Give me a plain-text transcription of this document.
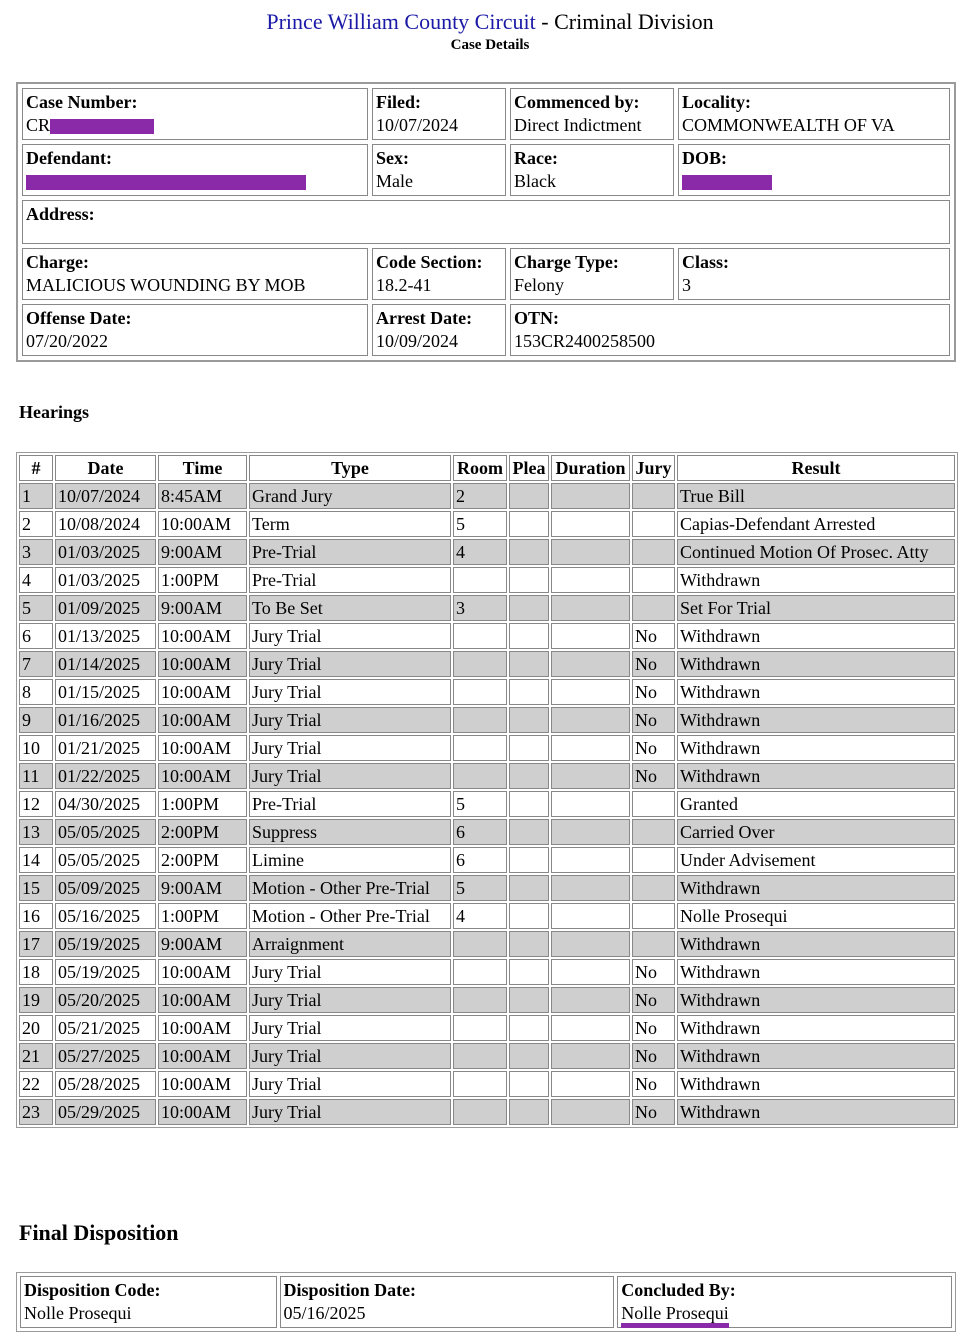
Prince William County Circuit - Criminal Division
Case Details
Case Number:
CR	Filed:
10/07/2024	Commenced by:
Direct Indictment	Locality:
COMMONWEALTH OF VA

Defendant:	Sex:
Male	Race:
Black	DOB:

Address:			

Charge:
MALICIOUS WOUNDING BY MOB	Code Section:
18.2-41	Charge Type:
Felony	Class:
3

Offense Date:
07/20/2022	Arrest Date:
10/09/2024	OTN:
153CR2400258500	
Hearings
#	Date	Time	Type	Room	Plea	Duration	Jury	Result
1	10/07/2024	8:45AM	Grand Jury	2				True Bill
2	10/08/2024	10:00AM	Term	5				Capias-Defendant Arrested
3	01/03/2025	9:00AM	Pre-Trial	4				Continued Motion Of Prosec. Atty
4	01/03/2025	1:00PM	Pre-Trial					Withdrawn
5	01/09/2025	9:00AM	To Be Set	3				Set For Trial
6	01/13/2025	10:00AM	Jury Trial				No	Withdrawn
7	01/14/2025	10:00AM	Jury Trial				No	Withdrawn
8	01/15/2025	10:00AM	Jury Trial				No	Withdrawn
9	01/16/2025	10:00AM	Jury Trial				No	Withdrawn
10	01/21/2025	10:00AM	Jury Trial				No	Withdrawn
11	01/22/2025	10:00AM	Jury Trial				No	Withdrawn
12	04/30/2025	1:00PM	Pre-Trial	5				Granted
13	05/05/2025	2:00PM	Suppress	6				Carried Over
14	05/05/2025	2:00PM	Limine	6				Under Advisement
15	05/09/2025	9:00AM	Motion - Other Pre-Trial	5				Withdrawn
16	05/16/2025	1:00PM	Motion - Other Pre-Trial	4				Nolle Prosequi
17	05/19/2025	9:00AM	Arraignment					Withdrawn
18	05/19/2025	10:00AM	Jury Trial				No	Withdrawn
19	05/20/2025	10:00AM	Jury Trial				No	Withdrawn
20	05/21/2025	10:00AM	Jury Trial				No	Withdrawn
21	05/27/2025	10:00AM	Jury Trial				No	Withdrawn
22	05/28/2025	10:00AM	Jury Trial				No	Withdrawn
23	05/29/2025	10:00AM	Jury Trial				No	Withdrawn
Final Disposition
Disposition Code:
Nolle Prosequi	
Disposition Date:
05/16/2025	
Concluded By:
Nolle Prosequi
